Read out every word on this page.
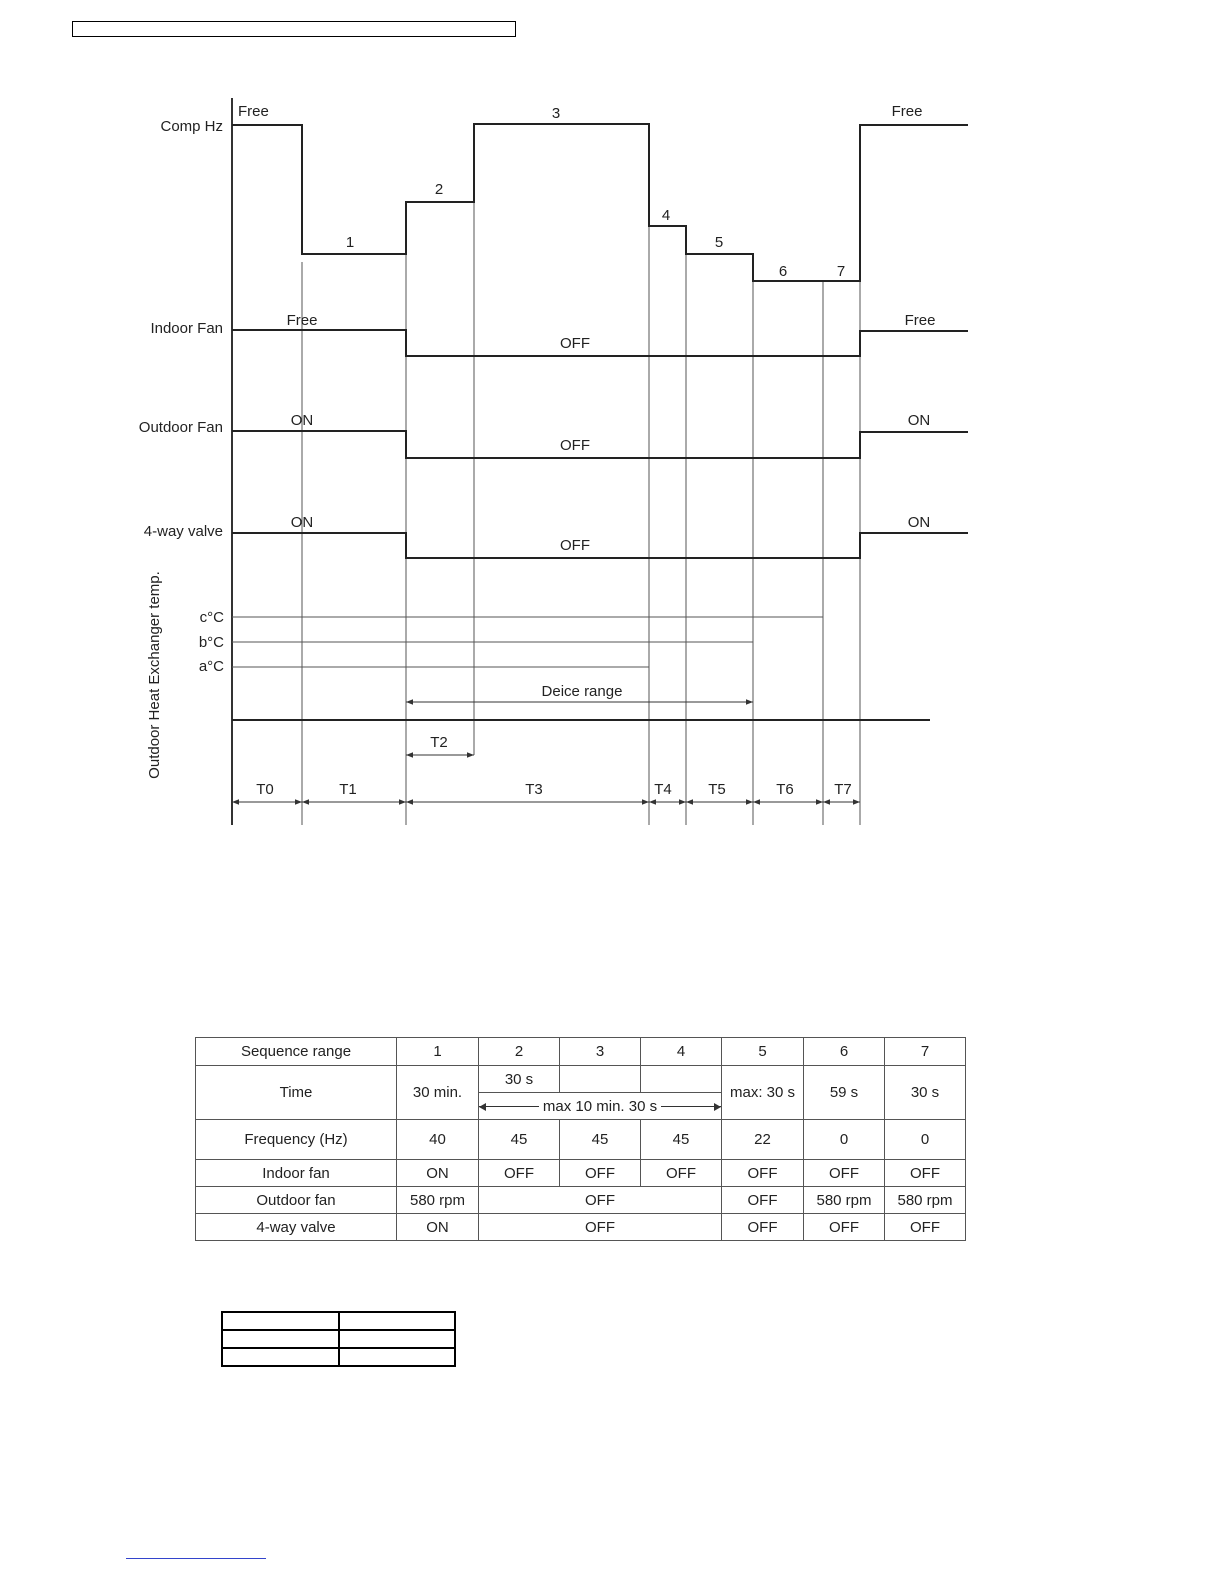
Comp Hz
Indoor Fan
Outdoor Fan
4-way valve
Outdoor Heat Exchanger temp.
Free	Free
1
2
3
4
5
6	7
Free
OFF
Free
ON
OFF
ON
ON
OFF
ON
c°C
b°C
a°C
Deice range
T0	T1
T2
T3	T4 T5	T6	T7
Sequence range	1	2	3	4	5	6	7
Time	30 min.	30 s			max: 30 s	59 s	30 s

		max 10 min. 30 s					

Frequency (Hz)	40	45	45	45	22	0	0
Indoor fan	ON	OFF	OFF	OFF	OFF	OFF	OFF
Outdoor fan	580 rpm	OFF			OFF	580 rpm	580 rpm
4-way valve	ON	OFF			OFF	OFF	OFF
